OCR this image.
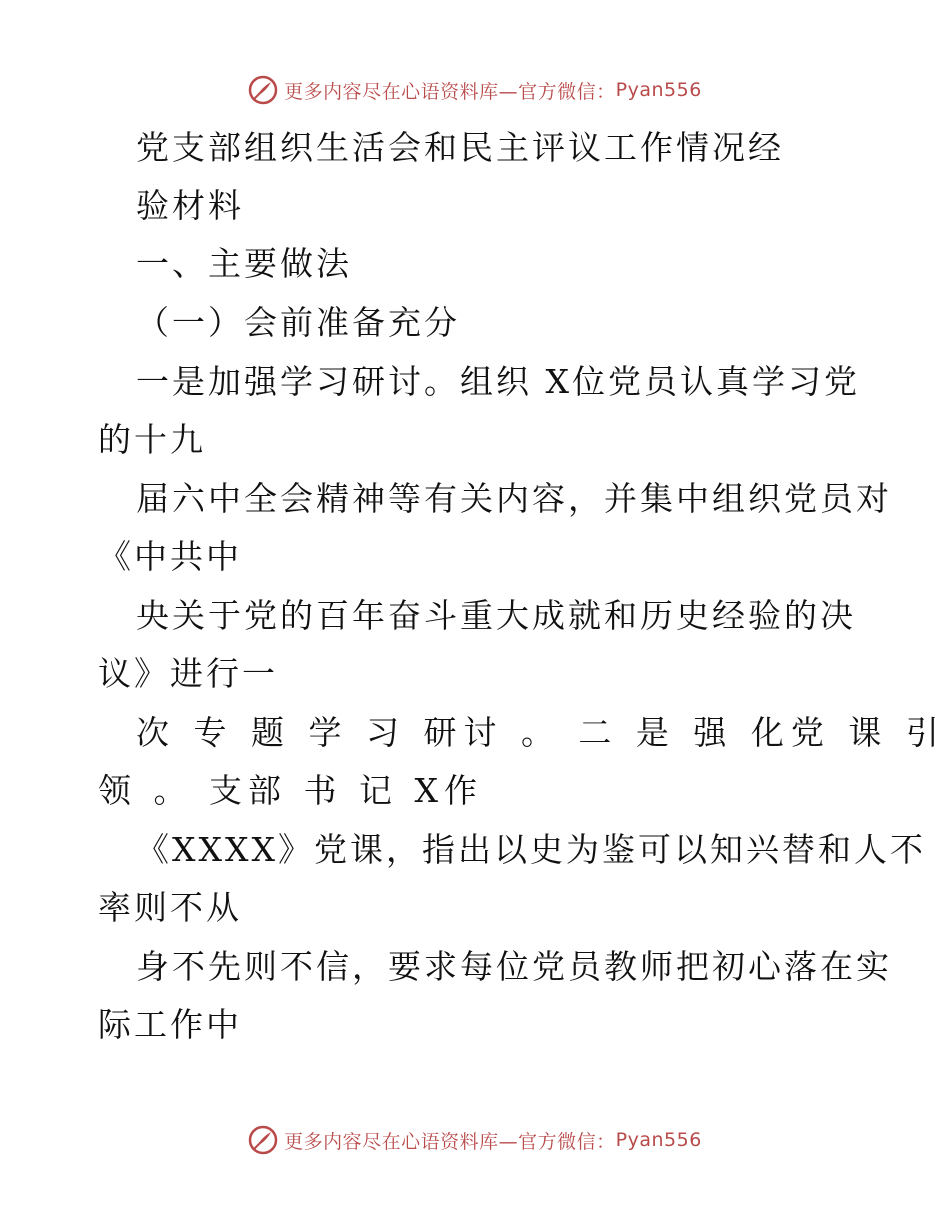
更多内容尽在心语资料库—官方微信： Pyan556
党支部组织生活会和民主评议工作情况经
验材料
一、主要做法
（一）会前准备充分
一是加强学习研讨。组织 X位党员认真学习党
的十九
届六中全会精神等有关内容，并集中组织党员对
《中共中
央关于党的百年奋斗重大成就和历史经验的决
议》进行一
次 专 题 学 习 研讨 。 二 是 强 化党 课 引
领 。 支部 书 记 X作
《XXXX》党课，指出以史为鉴可以知兴替和人不
率则不从
身不先则不信，要求每位党员教师把初心落在实
际工作中
更多内容尽在心语资料库—官方微信： Pyan556
